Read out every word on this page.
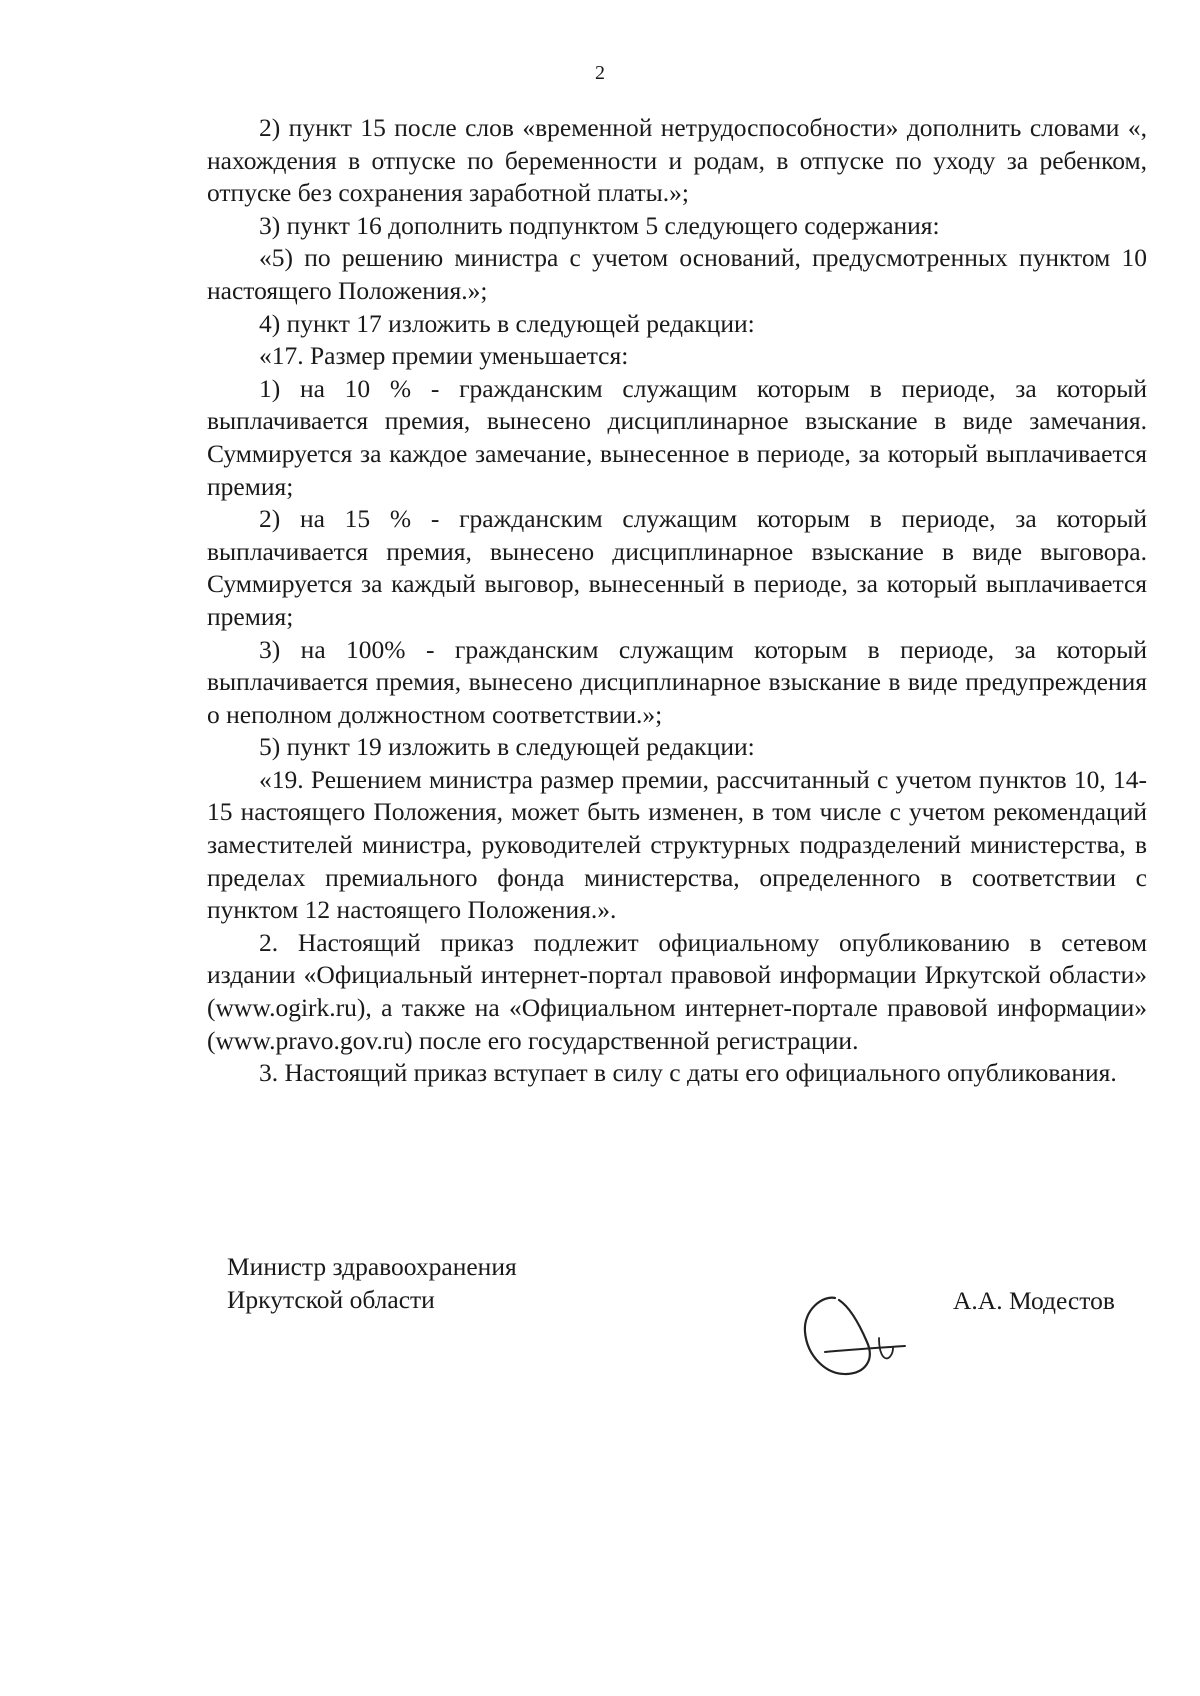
2

2) пункт 15 после слов «временной нетрудоспособности» дополнить словами «, нахождения в отпуске по беременности и родам, в отпуске по уходу за ребенком, отпуске без сохранения заработной платы.»;

3) пункт 16 дополнить подпунктом 5 следующего содержания:

«5) по решению министра с учетом оснований, предусмотренных пунктом 10 настоящего Положения.»;

4) пункт 17 изложить в следующей редакции:

«17. Размер премии уменьшается:

1) на 10 % - гражданским служащим которым в периоде, за который выплачивается премия, вынесено дисциплинарное взыскание в виде замечания. Суммируется за каждое замечание, вынесенное в периоде, за который выплачивается премия;

2) на 15 % - гражданским служащим которым в периоде, за который выплачивается премия, вынесено дисциплинарное взыскание в виде выговора. Суммируется за каждый выговор, вынесенный в периоде, за который выплачивается премия;

3) на 100% - гражданским служащим которым в периоде, за который выплачивается премия, вынесено дисциплинарное взыскание в виде предупреждения о неполном должностном соответствии.»;

5) пункт 19 изложить в следующей редакции:

«19. Решением министра размер премии, рассчитанный с учетом пунктов 10, 14-15 настоящего Положения, может быть изменен, в том числе с учетом рекомендаций заместителей министра, руководителей структурных подразделений министерства, в пределах премиального фонда министерства, определенного в соответствии с пунктом 12 настоящего Положения.».

2. Настоящий приказ подлежит официальному опубликованию в сетевом издании «Официальный интернет-портал правовой информации Иркутской области» (www.ogirk.ru), а также на «Официальном интернет-портале правовой информации» (www.pravo.gov.ru) после его государственной регистрации.

3. Настоящий приказ вступает в силу с даты его официального опубликования.

Министр здравоохранения
Иркутской области	А.А. Модестов
